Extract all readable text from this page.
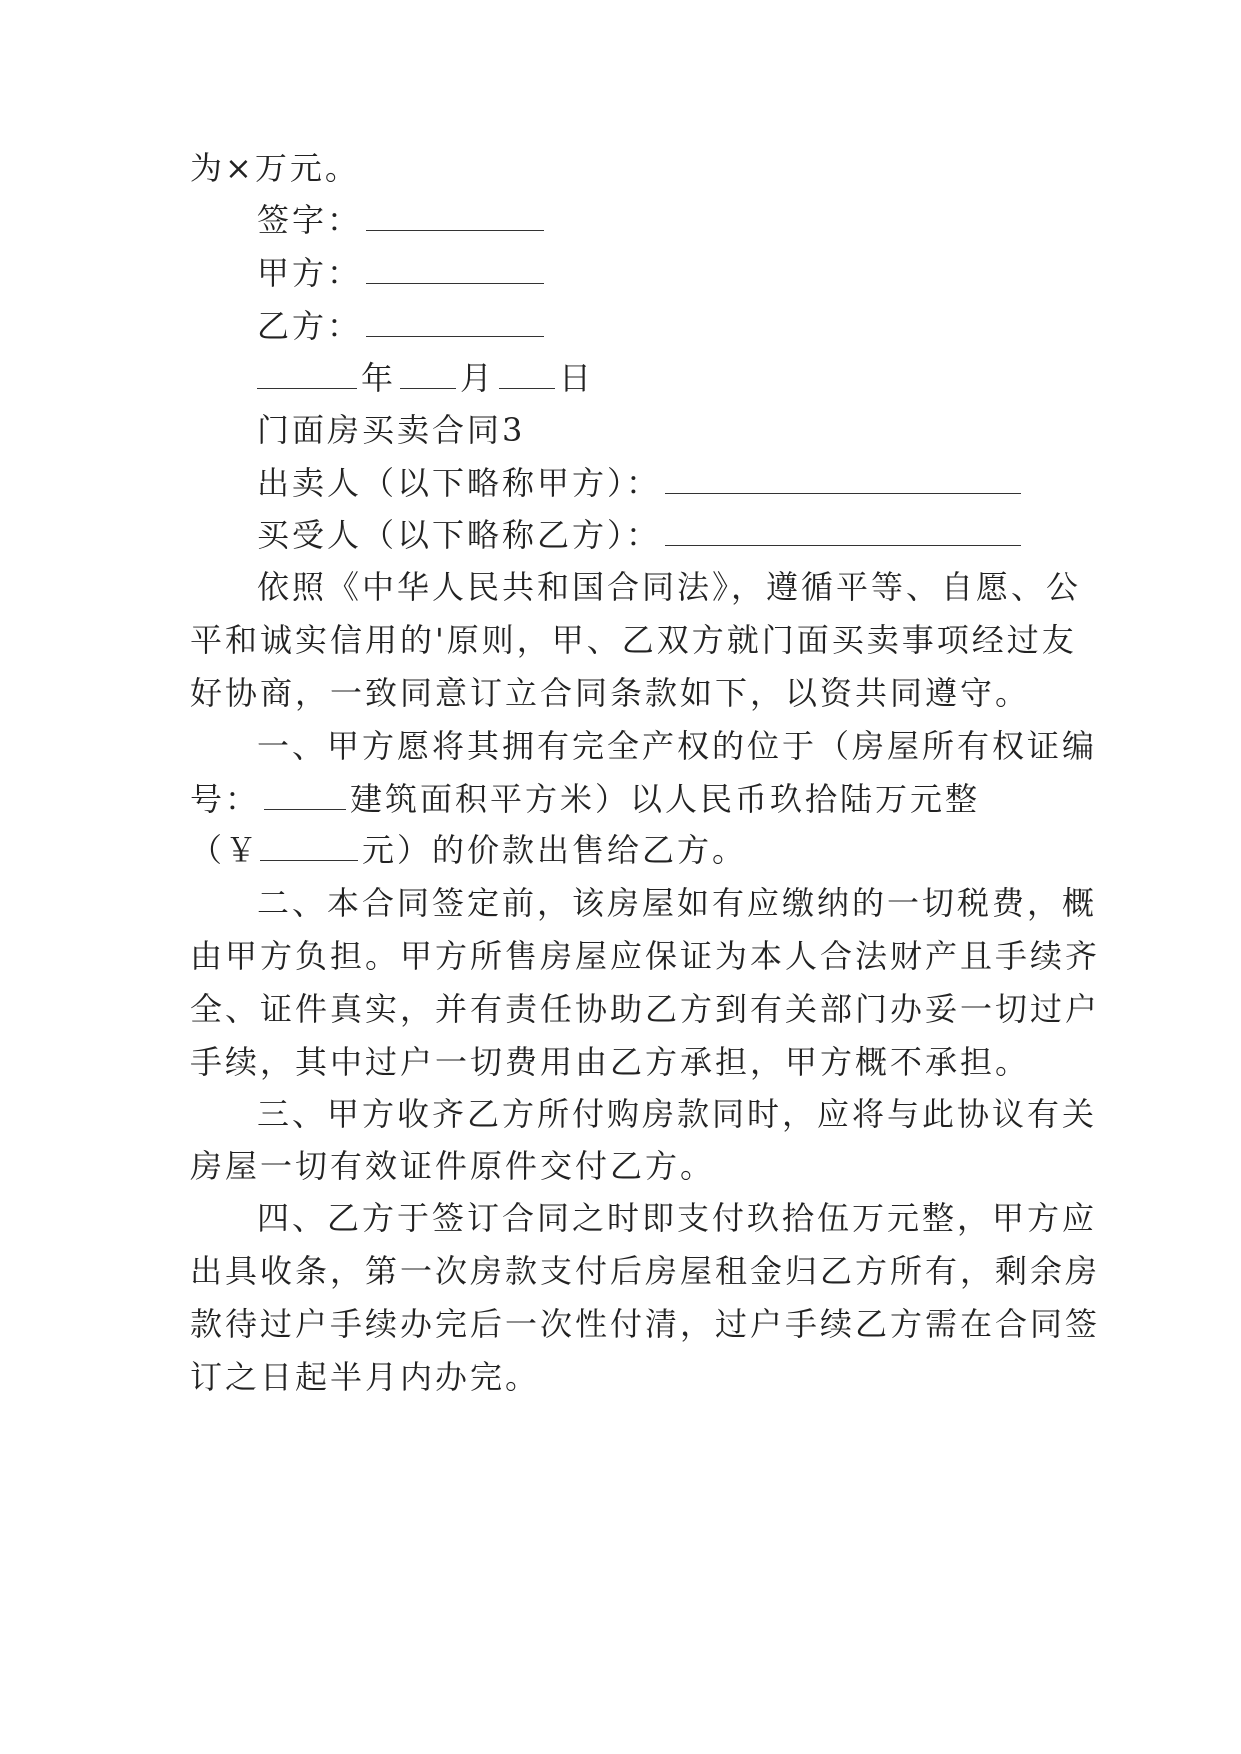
为×万元。
签字：
甲方：
乙方：
年 月 日
门面房买卖合同3
出卖人（以下略称甲方）：
买受人（以下略称乙方）：
依照《中华人民共和国合同法》，遵循平等、自愿、公
平和诚实信用的'原则，甲、乙双方就门面买卖事项经过友
好协商，一致同意订立合同条款如下，以资共同遵守。
一、甲方愿将其拥有完全产权的位于（房屋所有权证编
号：	建筑面积平方米）以人民币玖拾陆万元整
（￥	元）的价款出售给乙方。
二、本合同签定前，该房屋如有应缴纳的一切税费，概
由甲方负担。甲方所售房屋应保证为本人合法财产且手续齐
全、证件真实，并有责任协助乙方到有关部门办妥一切过户
手续，其中过户一切费用由乙方承担，甲方概不承担。
三、甲方收齐乙方所付购房款同时，应将与此协议有关
房屋一切有效证件原件交付乙方。
四、乙方于签订合同之时即支付玖拾伍万元整，甲方应
出具收条，第一次房款支付后房屋租金归乙方所有，剩余房
款待过户手续办完后一次性付清，过户手续乙方需在合同签
订之日起半月内办完。
